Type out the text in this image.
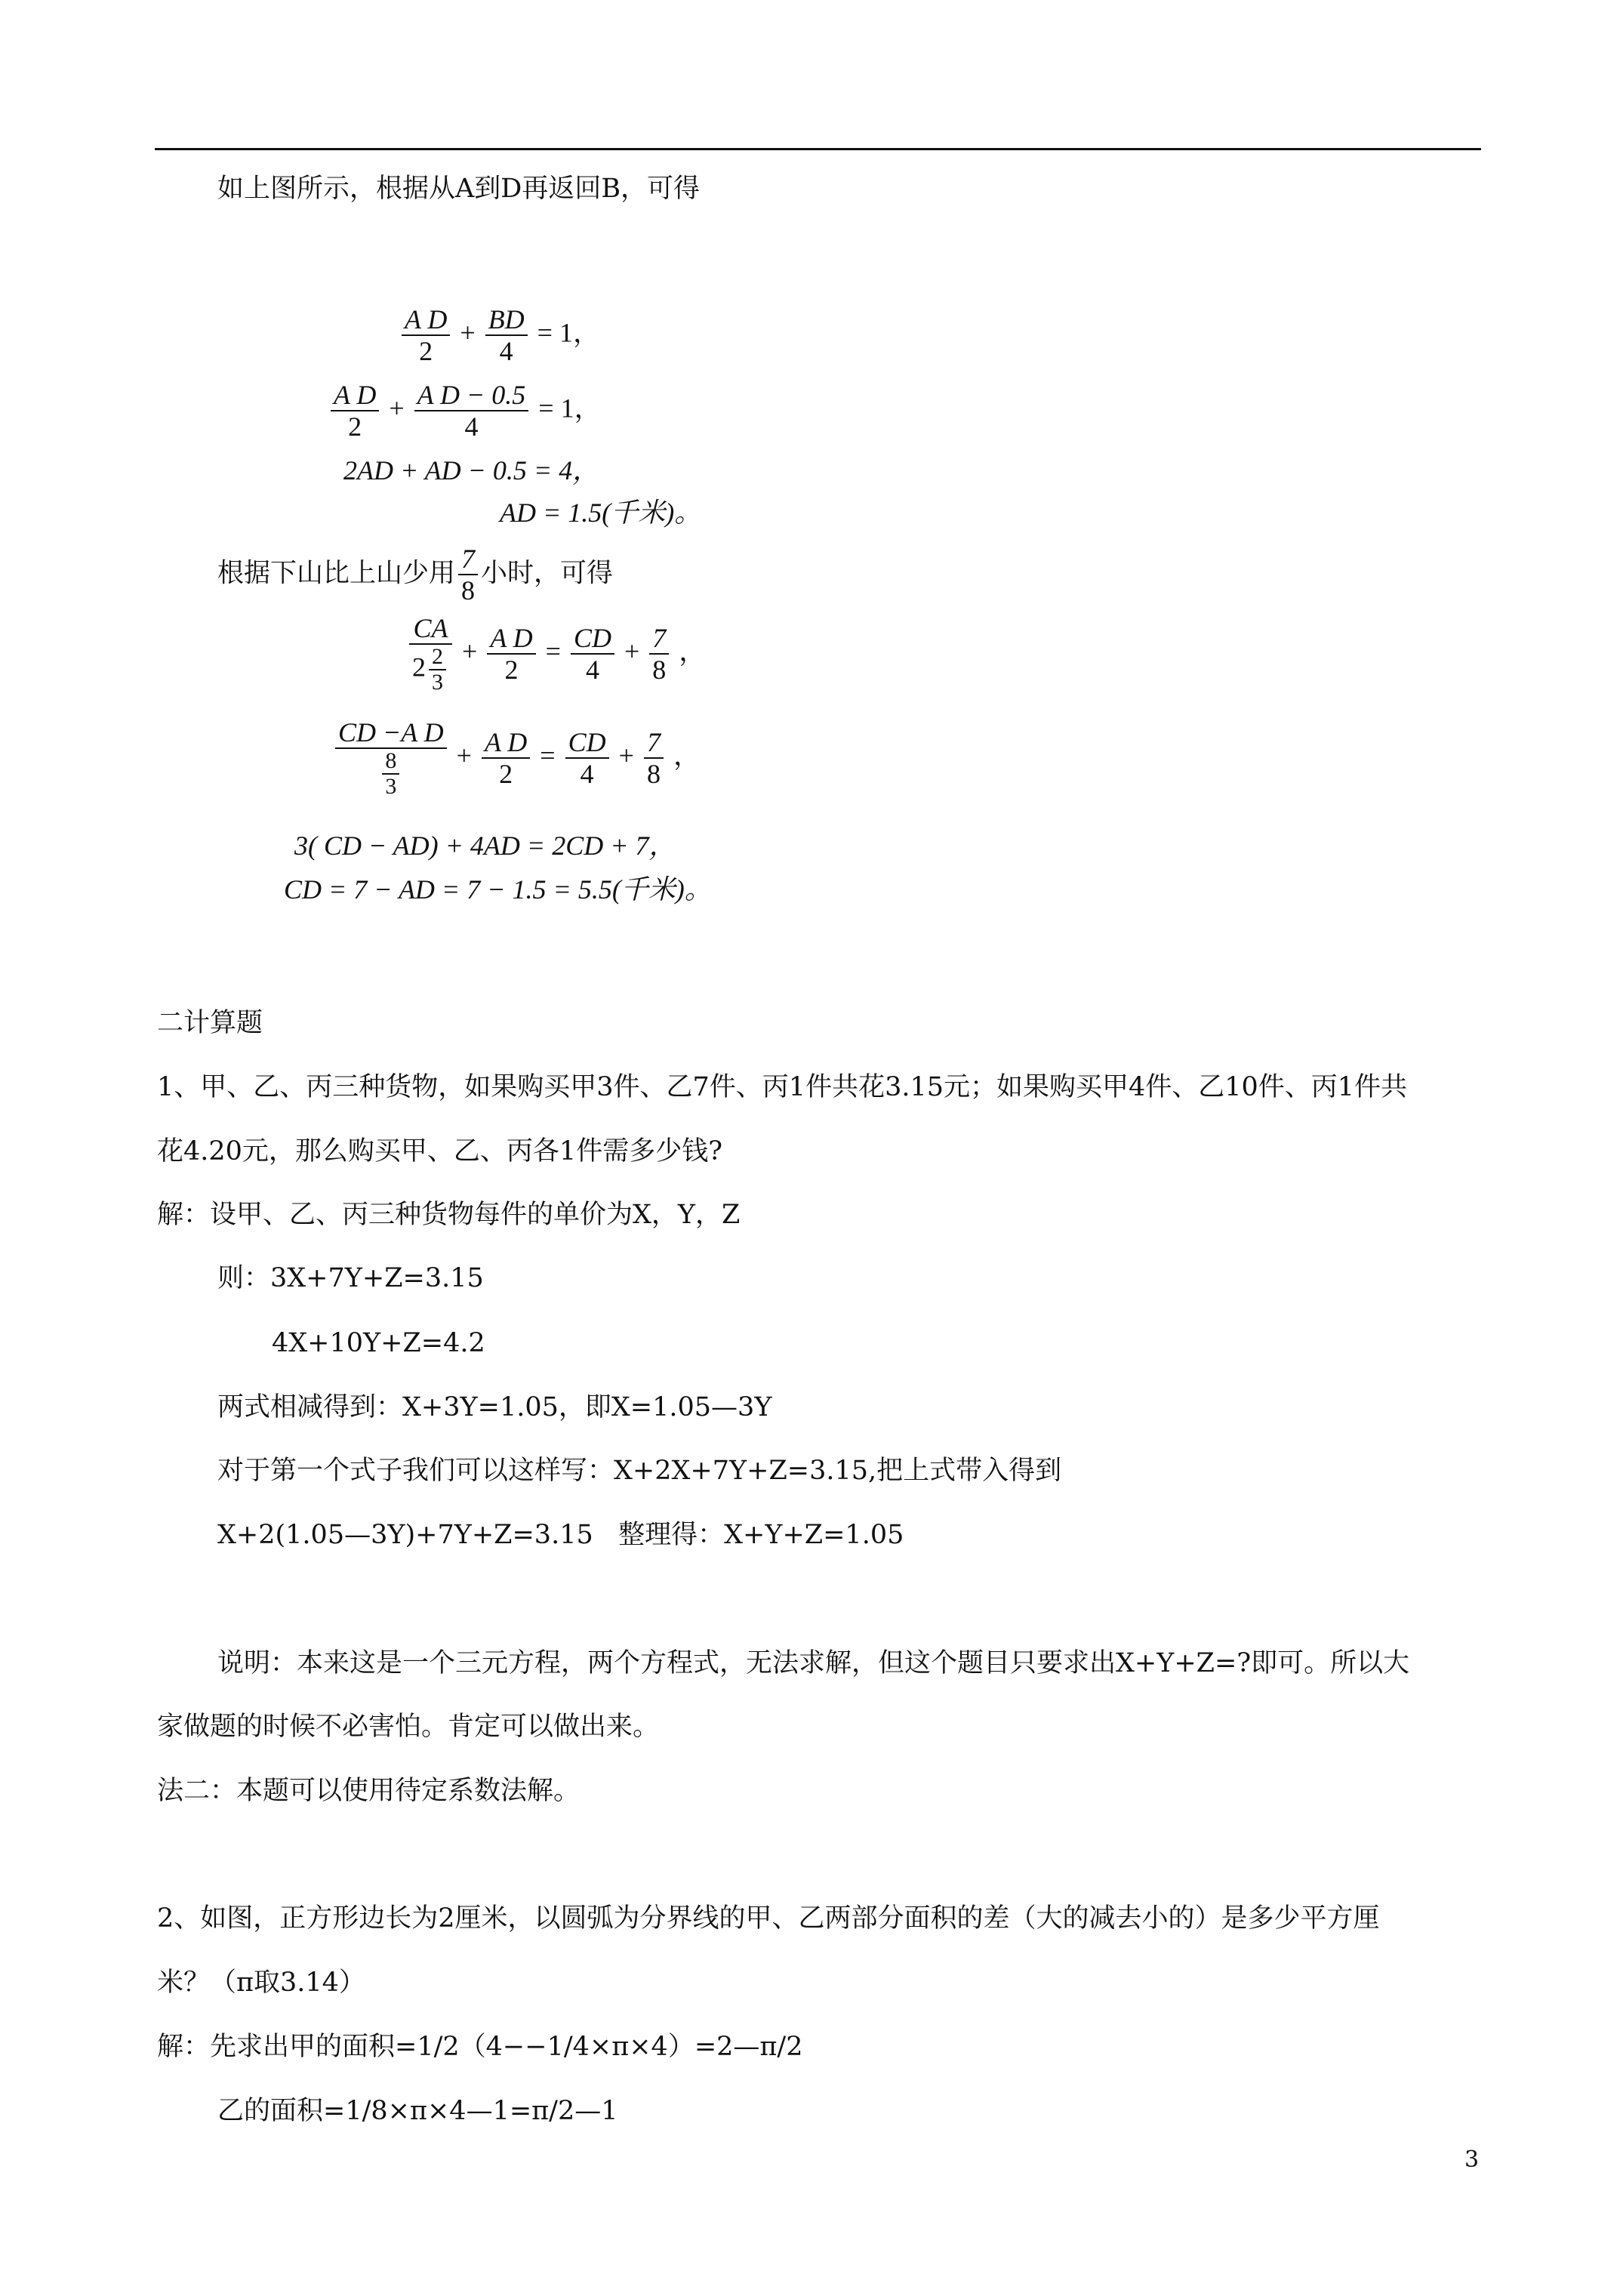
如上图所示，根据从A到D再返回B，可得
$\frac{\text{A D}}{2} + \frac{BD}{4} = 1$，
$\frac{\text{A D}}{2} + \frac{\text{A D − 0.5}}{4} = 1$，
2AD + AD − 0.5 = 4，
AD = 1.5(千米)。
根据下山比上山少用 $\frac{7}{8}$ 小时，可得
$\frac{CA}{2 \frac{2}{3}} + \frac{\text{A D}}{2} = \frac{CD}{4} + \frac{7}{8}$ ，
$\frac{\text{CD −A D}}{\frac{8}{3}} + \frac{\text{A D}}{2} = \frac{CD}{4} + \frac{7}{8}$ ，
3( CD − AD) + 4AD = 2CD + 7，
CD = 7 − AD = 7 − 1.5 = 5.5(千米)。
二计算题
1、甲、乙、丙三种货物，如果购买甲3件、乙7件、丙1件共花3.15元；如果购买甲4件、乙10件、丙1件共
花4.20元，那么购买甲、乙、丙各1件需多少钱?
解：设甲、乙、丙三种货物每件的单价为X，Y，Z
则：3X+7Y+Z=3.15
4X+10Y+Z=4.2
两式相减得到：X+3Y=1.05，即X=1.05—3Y
对于第一个式子我们可以这样写：X+2X+7Y+Z=3.15,把上式带入得到
X+2(1.05—3Y)+7Y+Z=3.15   整理得：X+Y+Z=1.05
说明：本来这是一个三元方程，两个方程式，无法求解，但这个题目只要求出X+Y+Z=?即可。所以大
家做题的时候不必害怕。肯定可以做出来。
法二：本题可以使用待定系数法解。
2、如图，正方形边长为2厘米，以圆弧为分界线的甲、乙两部分面积的差（大的减去小的）是多少平方厘
米？（π取3.14）
解：先求出甲的面积=1/2（4−−1/4×π×4）=2—π/2
乙的面积=1/8×π×4—1=π/2—1
3
